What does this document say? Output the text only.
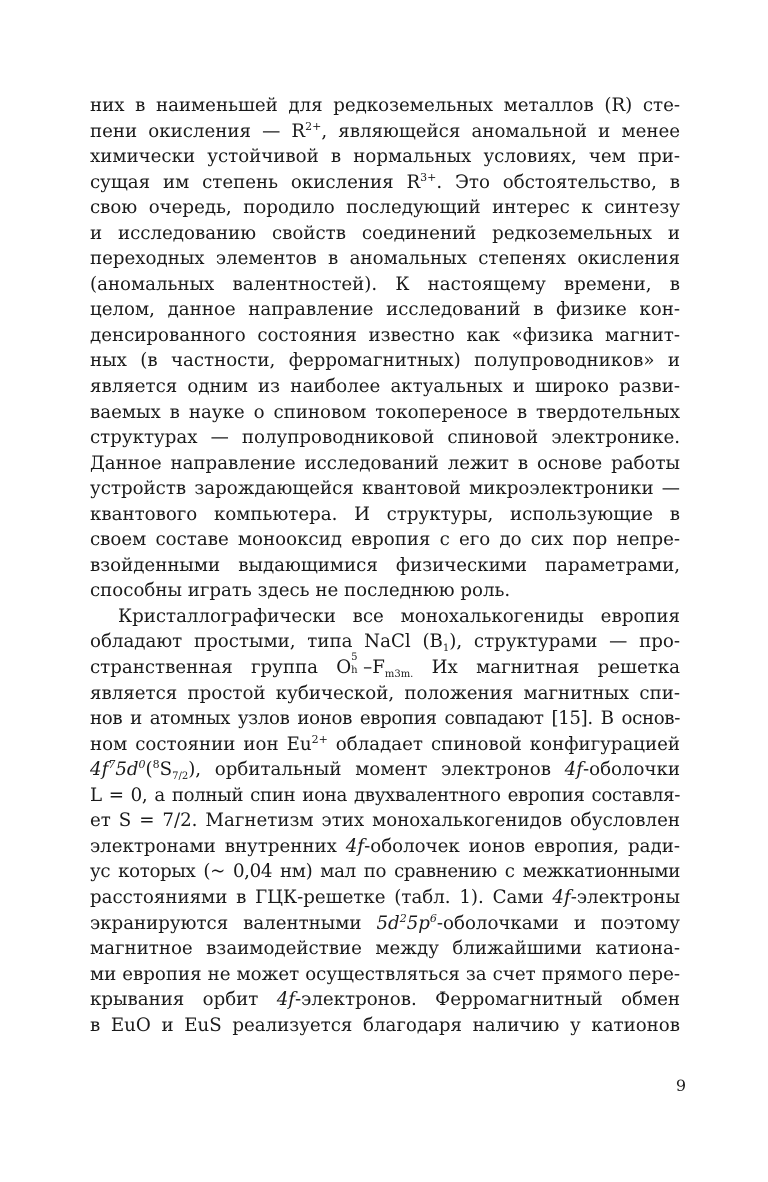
них в наименьшей для редкоземельных металлов (R) сте-
пени окисления — $R^{2+}$, являющейся аномальной и менее
химически устойчивой в нормальных условиях, чем при-
сущая им степень окисления $R^{3+}$. Это обстоятельство, в
свою очередь, породило последующий интерес к синтезу
и исследованию свойств соединений редкоземельных и
переходных элементов в аномальных степенях окисления
(аномальных валентностей). К настоящему времени, в
целом, данное направление исследований в физике кон-
денсированного состояния известно как «физика магнит-
ных (в частности, ферромагнитных) полупроводников» и
является одним из наиболее актуальных и широко разви-
ваемых в науке о спиновом токопереносе в твердотельных
структурах — полупроводниковой спиновой электронике.
Данное направление исследований лежит в основе работы
устройств зарождающейся квантовой микроэлектроники —
квантового компьютера. И структуры, использующие в
своем составе монооксид европия с его до сих пор непре-
взойденными выдающимися физическими параметрами,
способны играть здесь не последнюю роль.
Кристаллографически все монохалькогениды европия
обладают простыми, типа NaCl $(B_1)$, структурами — про-
странственная группа O 5
h $-F_{m3m.}$ Их магнитная решетка
является простой кубической, положения магнитных спи-
нов и атомных узлов ионов европия совпадают [15]. В основ-
ном состоянии ион $Eu^{2+}$ обладает спиновой конфигурацией
$4f^75d^0(^8S_{7/2})$, орбитальный момент электронов 4f-оболочки
L = 0, а полный спин иона двухвалентного европия составля-
ет S = 7/2. Магнетизм этих монохалькогенидов обусловлен
электронами внутренних 4f-оболочек ионов европия, ради-
ус которых (~ 0,04 нм) мал по сравнению с межкатионными
расстояниями в ГЦК-решетке (табл. 1). Сами 4f-электроны
экранируются валентными $5d^25p^6$-оболочками и поэтому
магнитное взаимодействие между ближайшими катиона-
ми европия не может осуществляться за счет прямого пере-
крывания орбит 4f-электронов. Ферромагнитный обмен
в EuO и EuS реализуется благодаря наличию у катионов
9
